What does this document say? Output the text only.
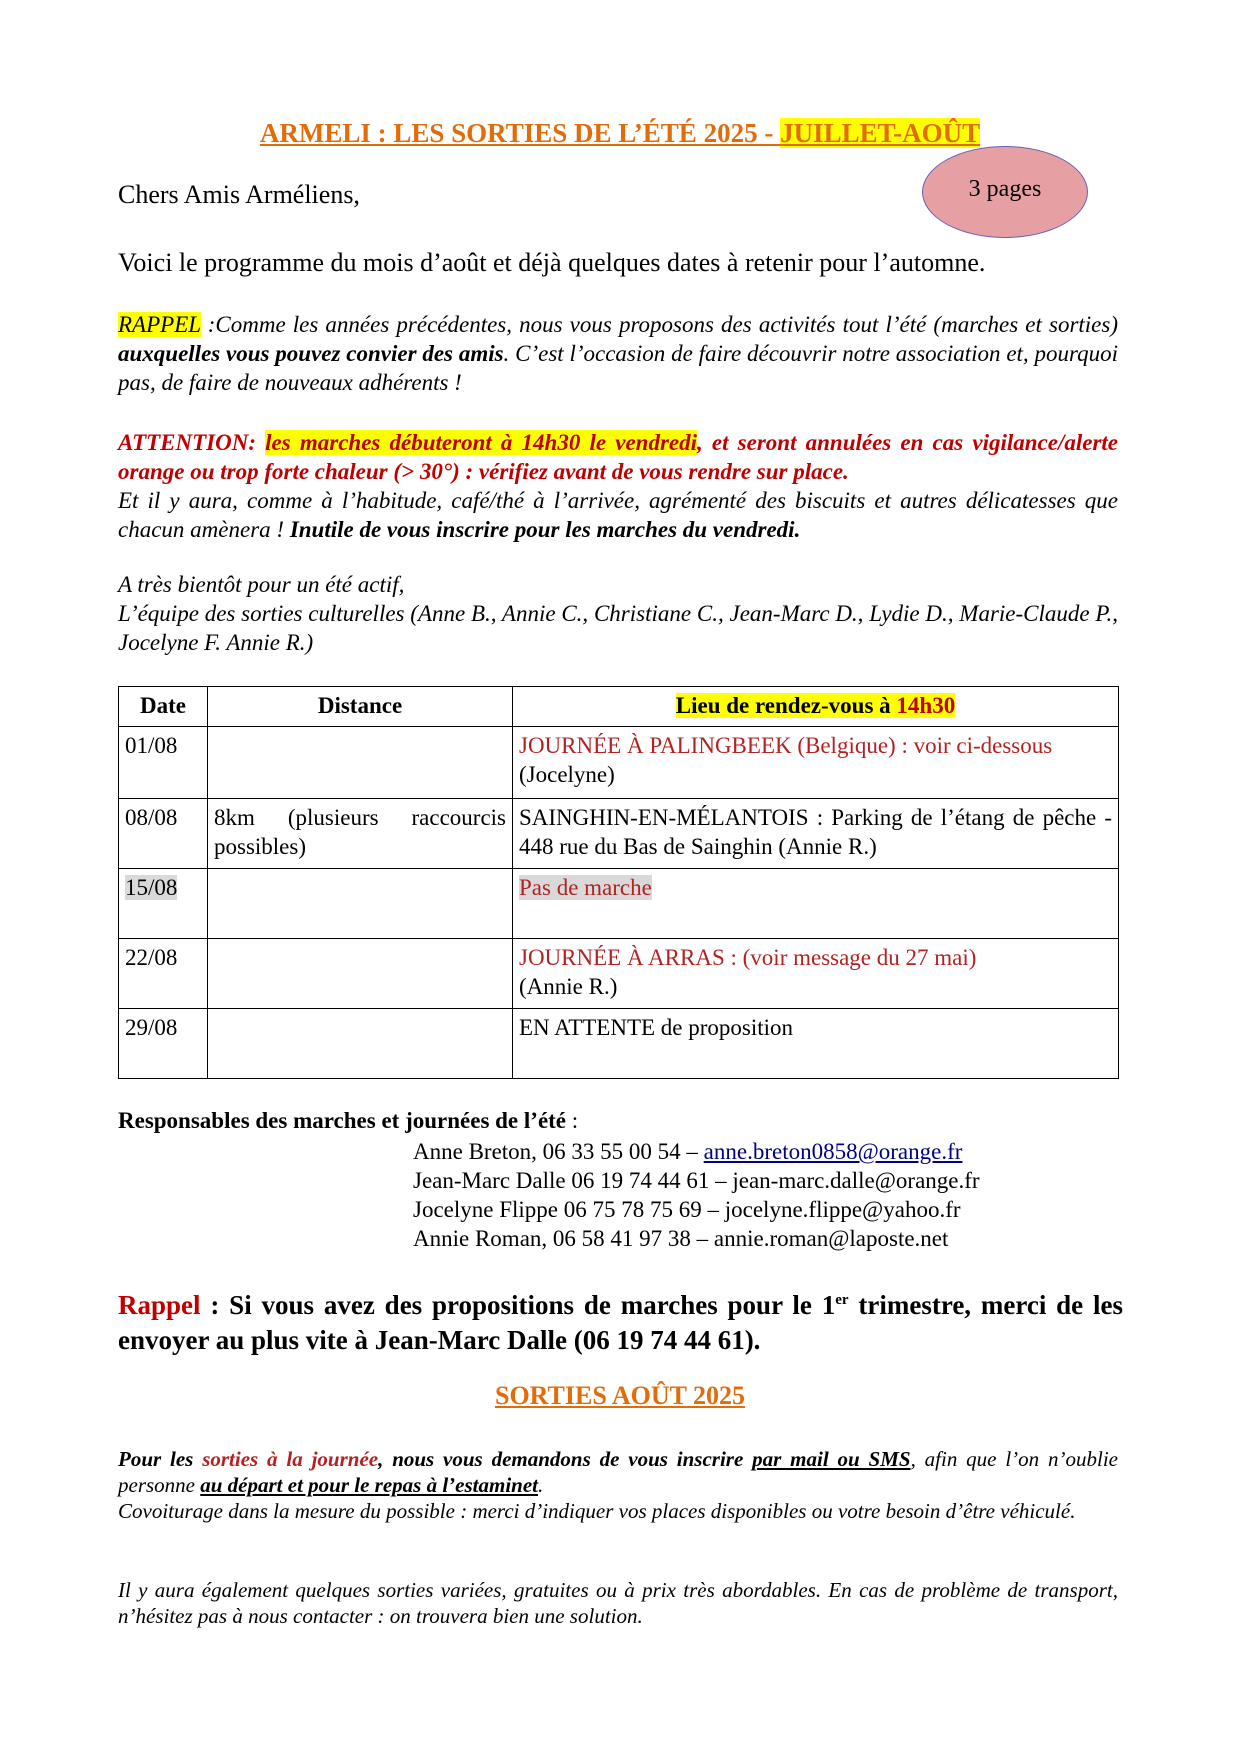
ARMELI : LES SORTIES DE L’ÉTÉ 2025 - JUILLET-AOÛT
3 pages
Chers Amis Arméliens,
Voici le programme du mois d’août et déjà quelques dates à retenir pour l’automne.
RAPPEL :Comme les années précédentes, nous vous proposons des activités tout l’été (marches et sorties) auxquelles vous pouvez convier des amis. C’est l’occasion de faire découvrir notre association et, pourquoi pas, de faire de nouveaux adhérents !
ATTENTION: les marches débuteront à 14h30 le vendredi, et seront annulées en cas vigilance/alerte orange ou trop forte chaleur (> 30°) : vérifiez avant de vous rendre sur place.
Et il y aura, comme à l’habitude, café/thé à l’arrivée, agrémenté des biscuits et autres délicatesses que chacun amènera ! Inutile de vous inscrire pour les marches du vendredi.
A très bientôt pour un été actif,
L’équipe des sorties culturelles (Anne B., Annie C., Christiane C., Jean-Marc D., Lydie D., Marie-Claude P., Jocelyne F. Annie R.)
Date	Distance	Lieu de rendez-vous à 14h30
01/08		JOURNÉE À PALINGBEEK (Belgique) : voir ci-dessous
(Jocelyne)
08/08	8km (plusieurs raccourcis possibles)	SAINGHIN-EN-MÉLANTOIS : Parking de l’étang de pêche - 448 rue du Bas de Sainghin (Annie R.)
15/08		Pas de marche
22/08		JOURNÉE À ARRAS : (voir message du 27 mai)
(Annie R.)
29/08		EN ATTENTE de proposition
Responsables des marches et journées de l’été :
Anne Breton, 06 33 55 00 54 – anne.breton0858@orange.fr
Jean-Marc Dalle 06 19 74 44 61 – jean-marc.dalle@orange.fr
Jocelyne Flippe 06 75 78 75 69 – jocelyne.flippe@yahoo.fr
Annie Roman, 06 58 41 97 38 – annie.roman@laposte.net
Rappel : Si vous avez des propositions de marches pour le 1er trimestre, merci de les envoyer au plus vite à Jean-Marc Dalle (06 19 74 44 61).
SORTIES AOÛT 2025
Pour les sorties à la journée, nous vous demandons de vous inscrire par mail ou SMS, afin que l’on n’oublie personne au départ et pour le repas à l’estaminet.
Covoiturage dans la mesure du possible : merci d’indiquer vos places disponibles ou votre besoin d’être véhiculé.
Il y aura également quelques sorties variées, gratuites ou à prix très abordables. En cas de problème de transport, n’hésitez pas à nous contacter : on trouvera bien une solution.
